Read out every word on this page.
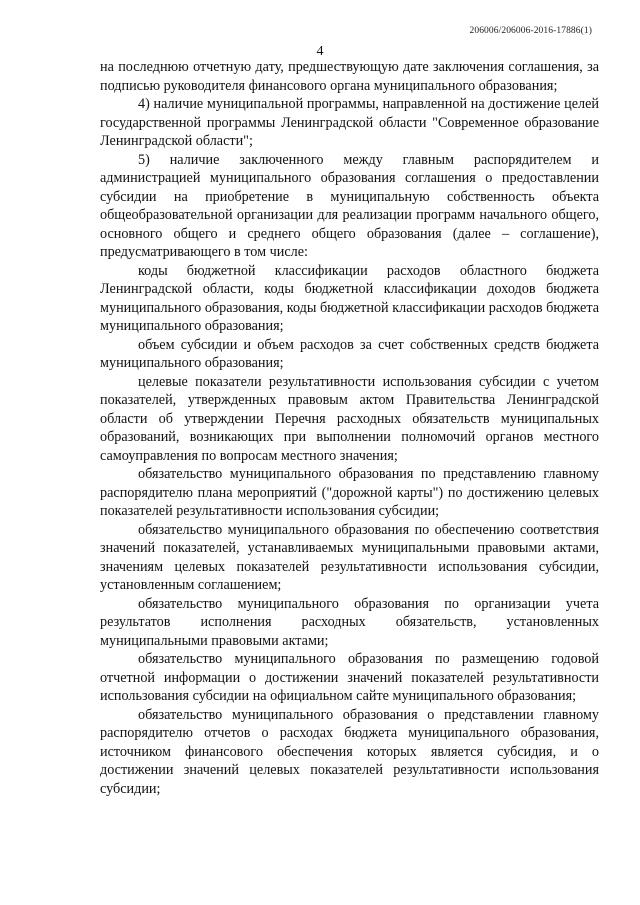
206006/206006-2016-17886(1)
4

на последнюю отчетную дату, предшествующую дате заключения соглашения, за подписью руководителя финансового органа муниципального образования;

4) наличие муниципальной программы, направленной на достижение целей государственной программы Ленинградской области "Современное образование Ленинградской области";

5) наличие заключенного между главным распорядителем и администрацией муниципального образования соглашения о предоставлении субсидии на приобретение в муниципальную собственность объекта общеобразовательной организации для реализации программ начального общего, основного общего и среднего общего образования (далее – соглашение), предусматривающего в том числе:

коды бюджетной классификации расходов областного бюджета Ленинградской области, коды бюджетной классификации доходов бюджета муниципального образования, коды бюджетной классификации расходов бюджета муниципального образования;

объем субсидии и объем расходов за счет собственных средств бюджета муниципального образования;

целевые показатели результативности использования субсидии с учетом показателей, утвержденных правовым актом Правительства Ленинградской области об утверждении Перечня расходных обязательств муниципальных образований, возникающих при выполнении полномочий органов местного самоуправления по вопросам местного значения;

обязательство муниципального образования по представлению главному распорядителю плана мероприятий ("дорожной карты") по достижению целевых показателей результативности использования субсидии;

обязательство муниципального образования по обеспечению соответствия значений показателей, устанавливаемых муниципальными правовыми актами, значениям целевых показателей результативности использования субсидии, установленным соглашением;

обязательство муниципального образования по организации учета результатов исполнения расходных обязательств, установленных муниципальными правовыми актами;

обязательство муниципального образования по размещению годовой отчетной информации о достижении значений показателей результативности использования субсидии на официальном сайте муниципального образования;

обязательство муниципального образования о представлении главному распорядителю отчетов о расходах бюджета муниципального образования, источником финансового обеспечения которых является субсидия, и о достижении значений целевых показателей результативности использования субсидии;
